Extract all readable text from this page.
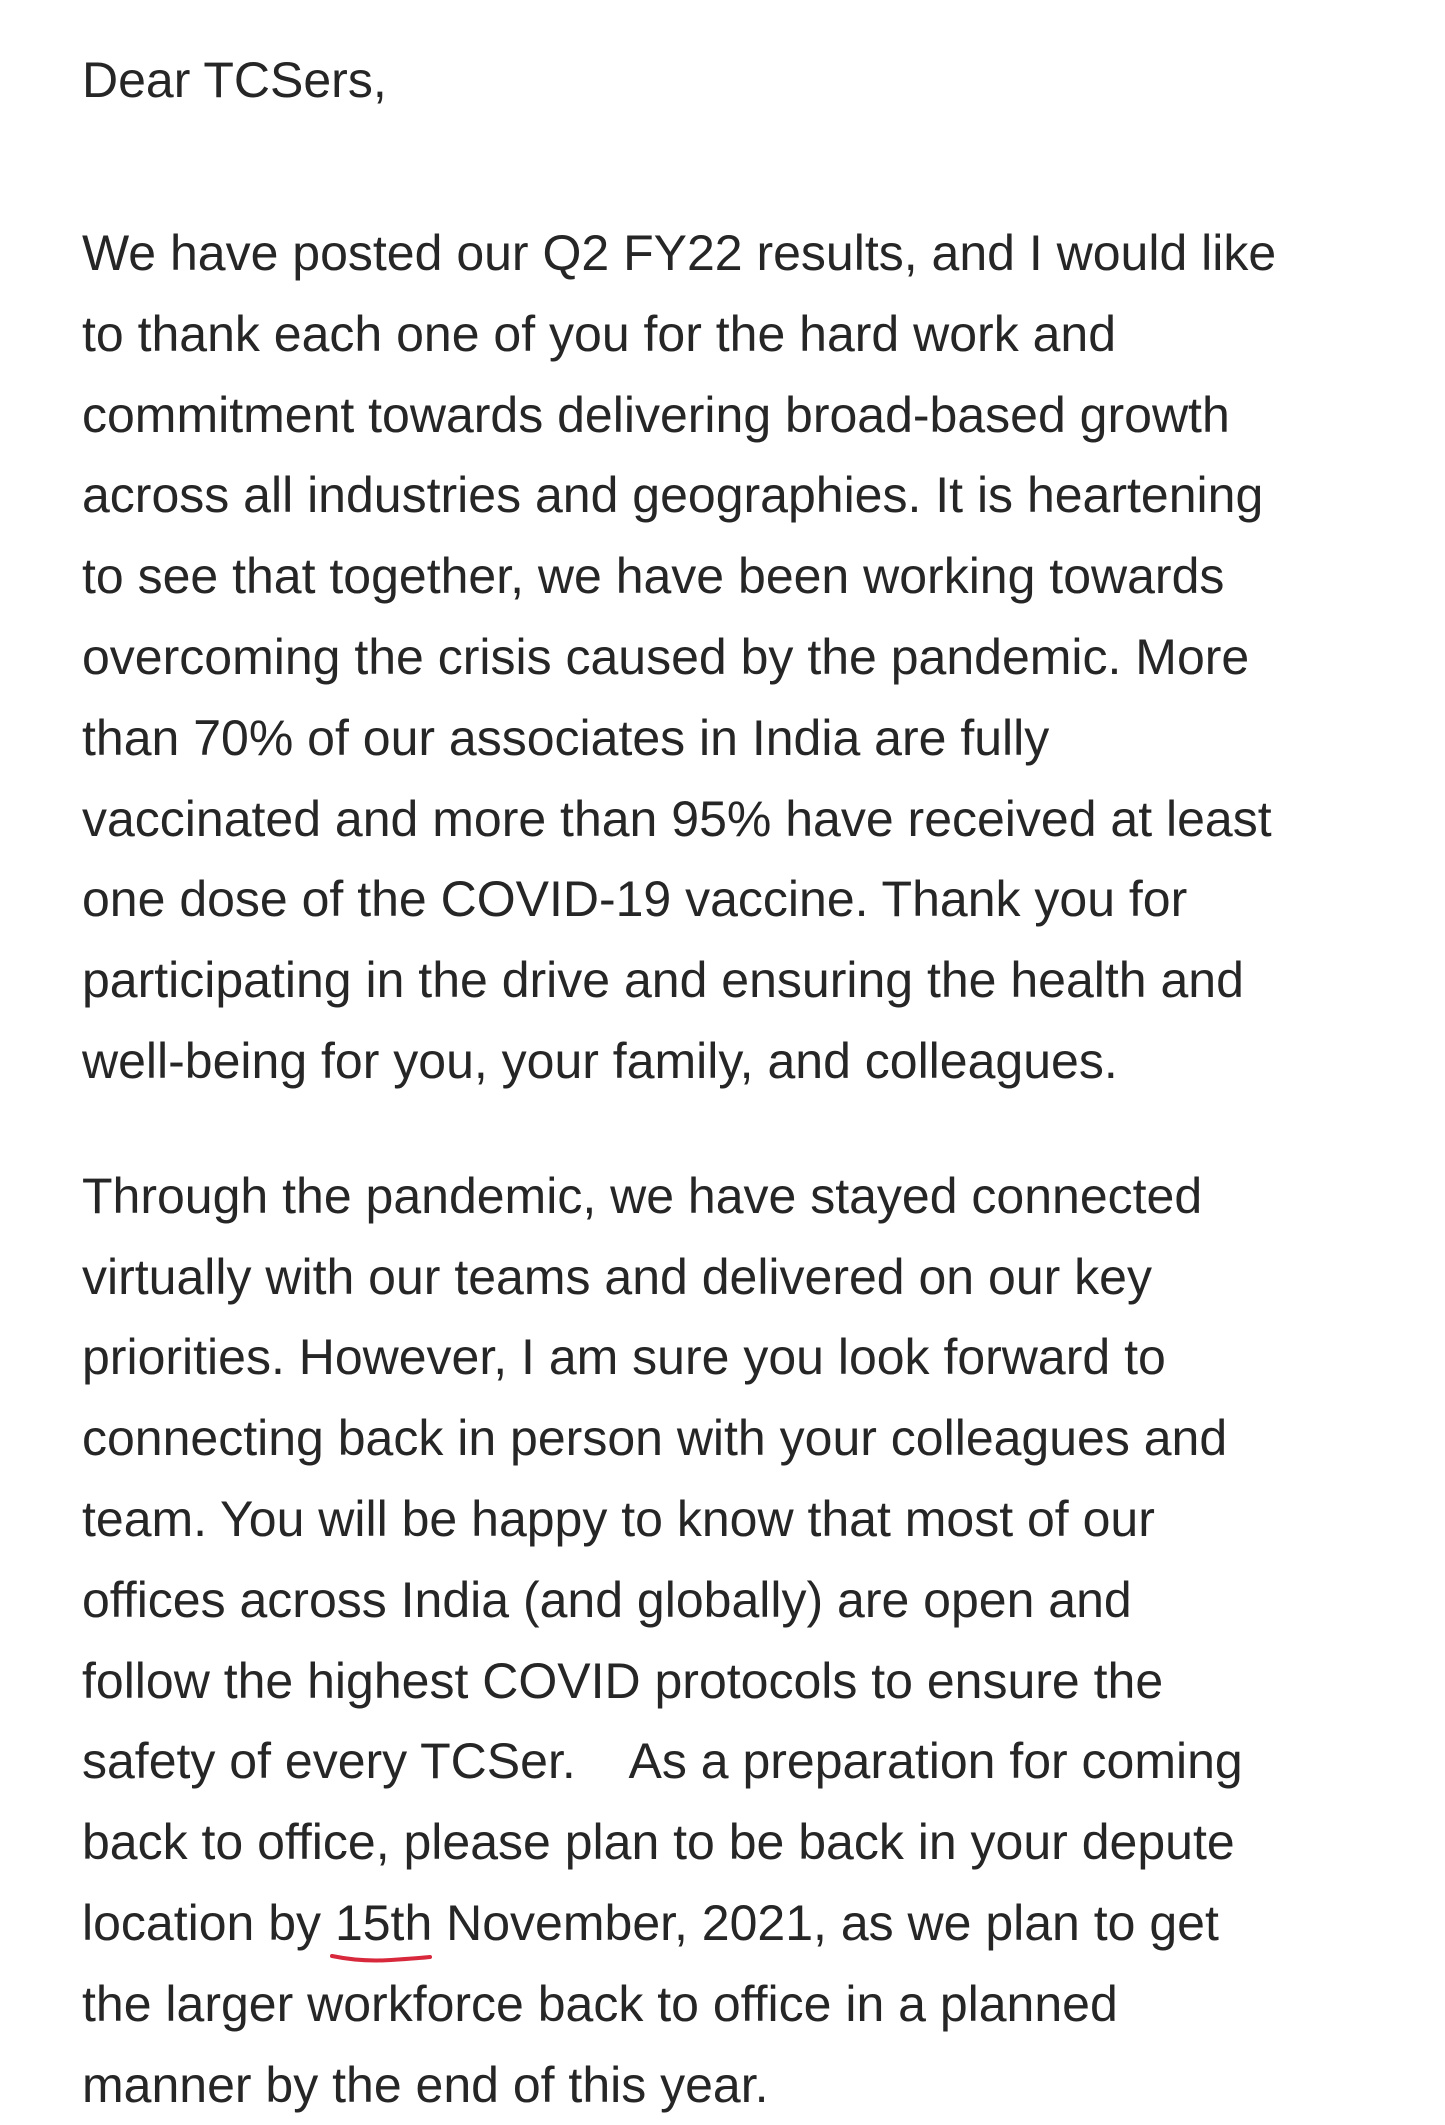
Dear TCSers,

We have posted our Q2 FY22 results, and I would like
to thank each one of you for the hard work and
commitment towards delivering broad-based growth
across all industries and geographies. It is heartening
to see that together, we have been working towards
overcoming the crisis caused by the pandemic. More
than 70% of our associates in India are fully
vaccinated and more than 95% have received at least
one dose of the COVID-19 vaccine. Thank you for
participating in the drive and ensuring the health and
well-being for you, your family, and colleagues.

Through the pandemic, we have stayed connected
virtually with our teams and delivered on our key
priorities. However, I am sure you look forward to
connecting back in person with your colleagues and
team. You will be happy to know that most of our
offices across India (and globally) are open and
follow the highest COVID protocols to ensure the
safety of every TCSer.    As a preparation for coming
back to office, please plan to be back in your depute
location by 15th November, 2021
, as we plan to get
the larger workforce back to office in a planned
manner by the end of this year.
